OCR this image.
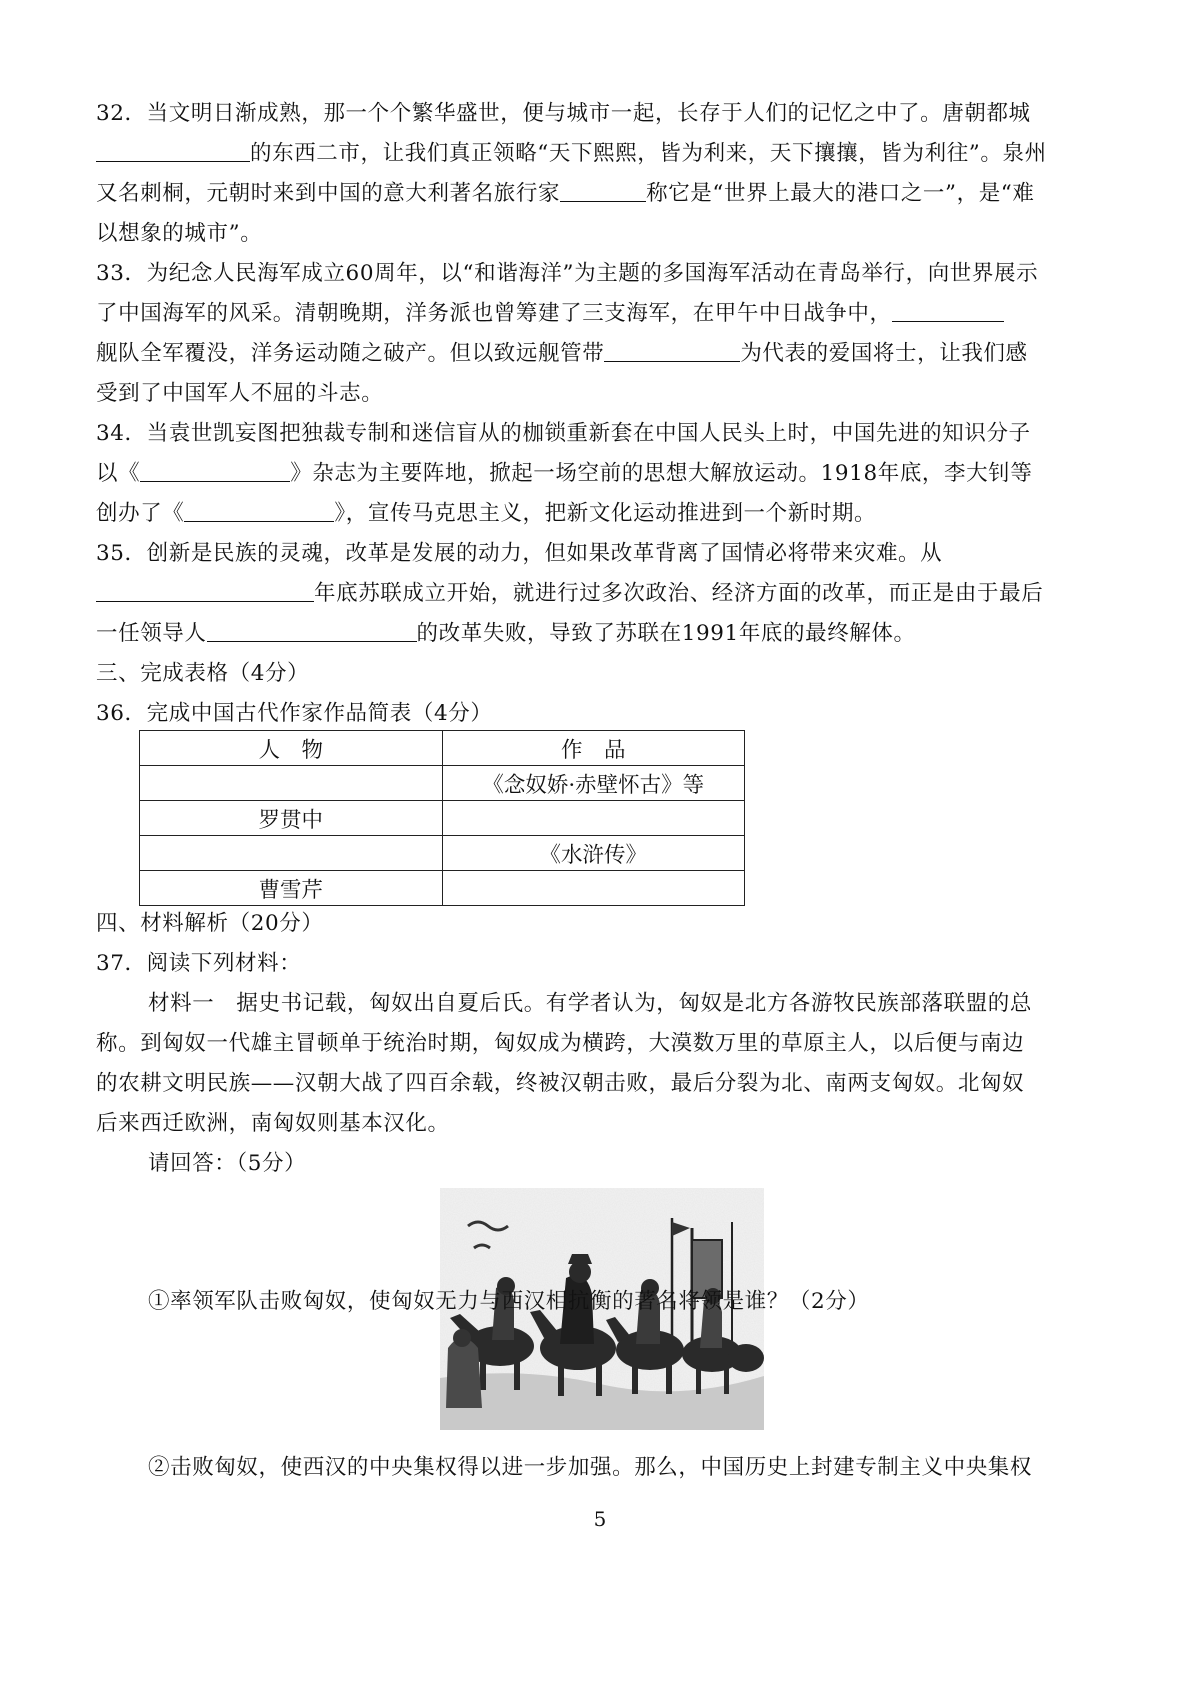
32．当文明日渐成熟，那一个个繁华盛世，便与城市一起，长存于人们的记忆之中了。唐朝都城
的东西二市，让我们真正领略“天下熙熙，皆为利来，天下攘攘，皆为利往”。泉州
又名刺桐，元朝时来到中国的意大利著名旅行家	称它是“世界上最大的港口之一”，是“难
以想象的城市”。
33．为纪念人民海军成立60周年，以“和谐海洋”为主题的多国海军活动在青岛举行，向世界展示
了中国海军的风采。清朝晚期，洋务派也曾筹建了三支海军，在甲午中日战争中，
舰队全军覆没，洋务运动随之破产。但以致远舰管带	为代表的爱国将士，让我们感
受到了中国军人不屈的斗志。
34．当袁世凯妄图把独裁专制和迷信盲从的枷锁重新套在中国人民头上时，中国先进的知识分子
以《	》杂志为主要阵地，掀起一场空前的思想大解放运动。1918年底，李大钊等
创办了《	》，宣传马克思主义，把新文化运动推进到一个新时期。
35．创新是民族的灵魂，改革是发展的动力，但如果改革背离了国情必将带来灾难。从
年底苏联成立开始，就进行过多次政治、经济方面的改革，而正是由于最后
一任领导人	的改革失败，导致了苏联在1991年底的最终解体。
三、完成表格（4分）
36．完成中国古代作家作品简表（4分）
人　物	作　品
	《念奴娇·赤壁怀古》等
罗贯中	
	《水浒传》
曹雪芹	
四、材料解析（20分）
37．阅读下列材料：
材料一　据史书记载，匈奴出自夏后氏。有学者认为，匈奴是北方各游牧民族部落联盟的总
称。到匈奴一代雄主冒顿单于统治时期，匈奴成为横跨，大漠数万里的草原主人，以后便与南边
的农耕文明民族——汉朝大战了四百余载，终被汉朝击败，最后分裂为北、南两支匈奴。北匈奴
后来西迁欧洲，南匈奴则基本汉化。
请回答：（5分）
①率领军队击败匈奴，使匈奴无力与西汉相抗衡的著名将领是谁？（2分）
②击败匈奴，使西汉的中央集权得以进一步加强。那么，中国历史上封建专制主义中央集权
5
